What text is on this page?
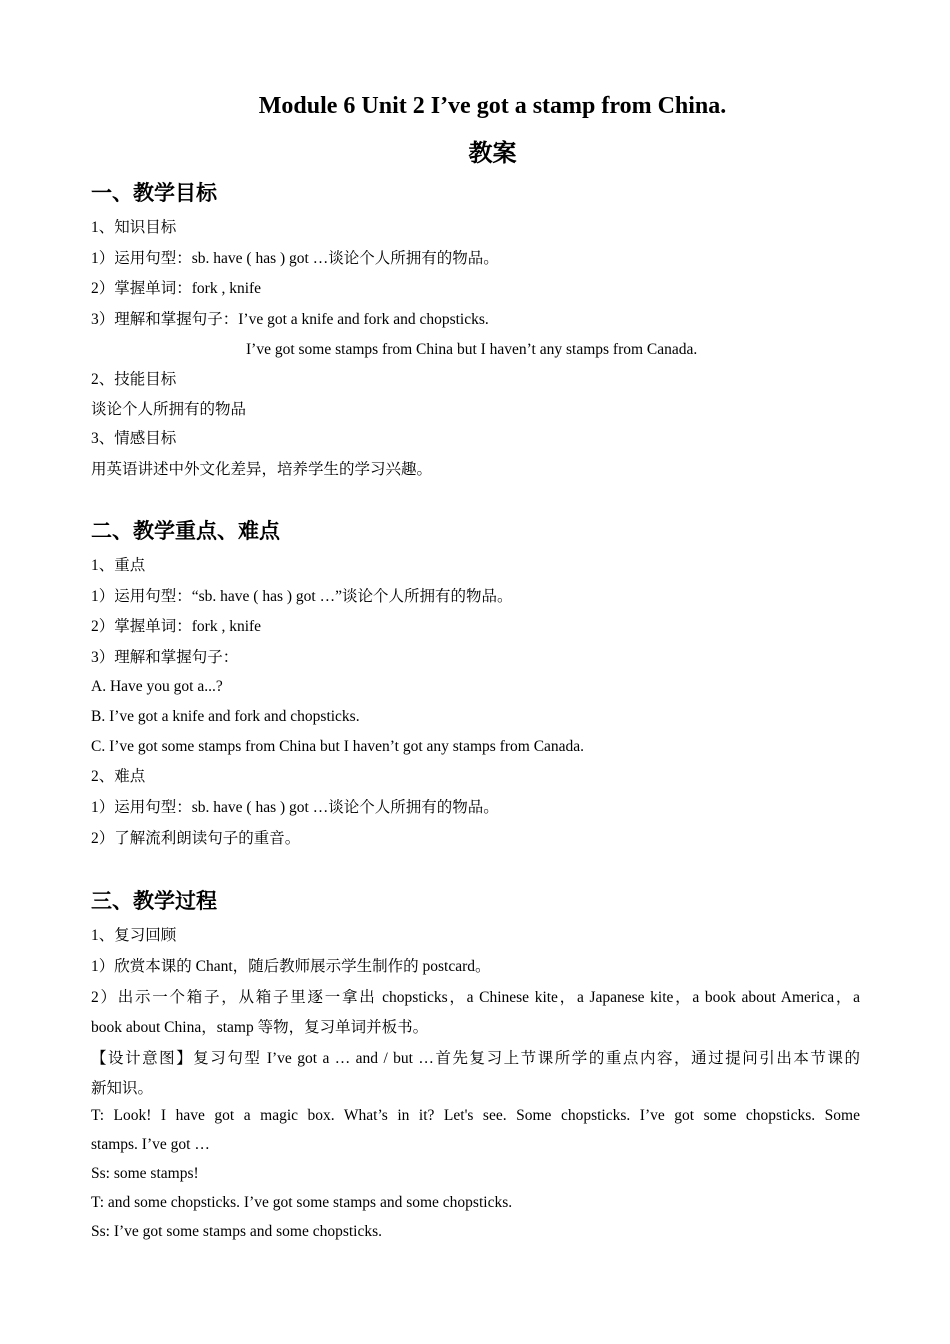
Module 6 Unit 2 I’ve got a stamp from China.
教案
一、教学目标
1、知识目标
1）运用句型：sb. have ( has ) got …谈论个人所拥有的物品。
2）掌握单词：fork , knife
3）理解和掌握句子：I’ve got a knife and fork and chopsticks.
I’ve got some stamps from China but I haven’t any stamps from Canada.
2、技能目标
谈论个人所拥有的物品
3、情感目标
用英语讲述中外文化差异，培养学生的学习兴趣。
二、教学重点、难点
1、重点
1）运用句型：“sb. have ( has ) got …”谈论个人所拥有的物品。
2）掌握单词：fork , knife
3）理解和掌握句子：
A. Have you got a...?
B. I’ve got a knife and fork and chopsticks.
C. I’ve got some stamps from China but I haven’t got any stamps from Canada.
2、难点
1）运用句型：sb. have ( has ) got …谈论个人所拥有的物品。
2）了解流利朗读句子的重音。
三、教学过程
1、复习回顾
1）欣赏本课的 Chant，随后教师展示学生制作的 postcard。
2）出示一个箱子，从箱子里逐一拿出 chopsticks，a Chinese kite，a Japanese kite，a book about America，a
book about China，stamp 等物，复习单词并板书。
【设计意图】复习句型 I’ve got a … and / but …首先复习上节课所学的重点内容，通过提问引出本节课的
新知识。
T: Look! I have got a magic box. What’s in it? Let's see. Some chopsticks. I’ve got some chopsticks. Some
stamps. I’ve got …
Ss: some stamps!
T: and some chopsticks. I’ve got some stamps and some chopsticks.
Ss: I’ve got some stamps and some chopsticks.
